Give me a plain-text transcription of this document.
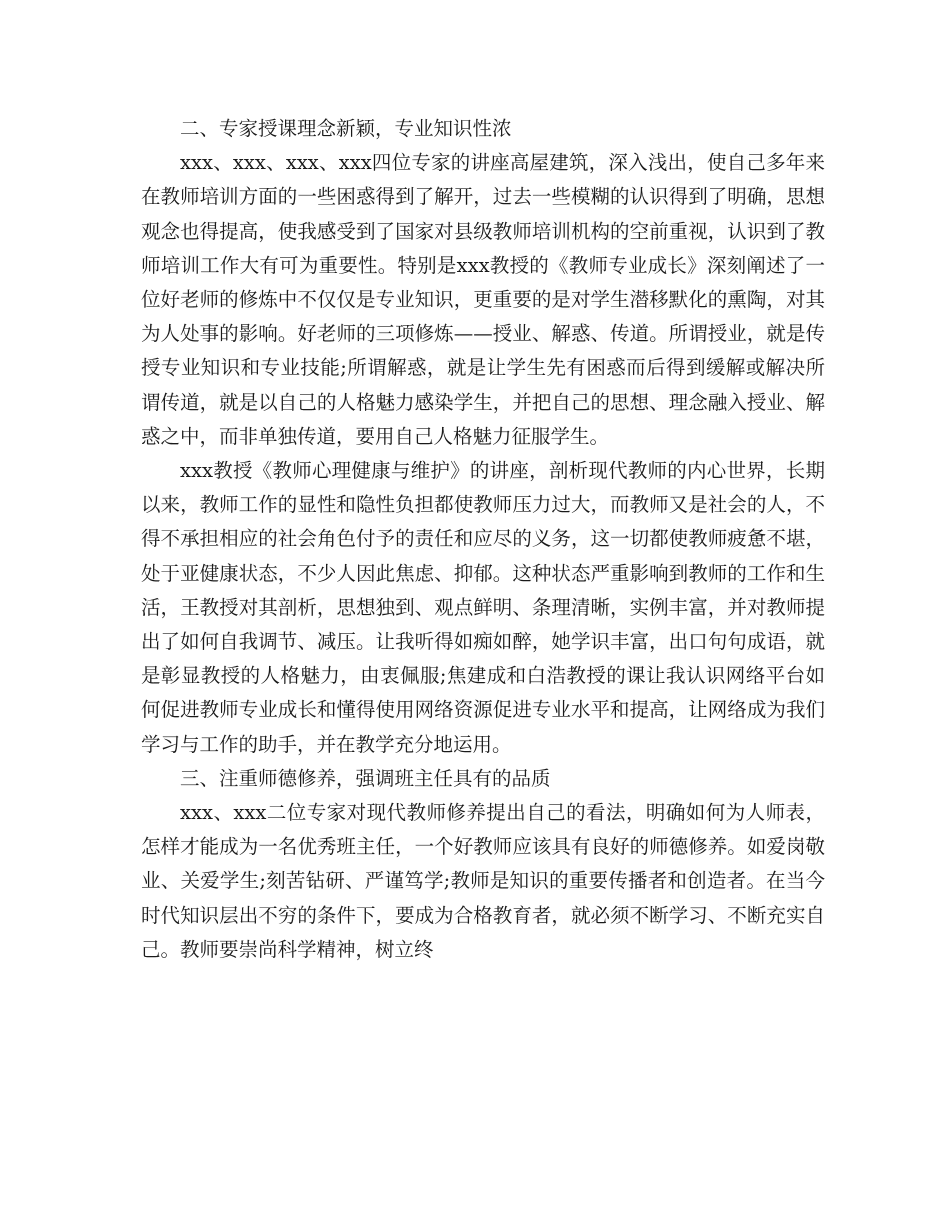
二、专家授课理念新颖，专业知识性浓

xxx、xxx、xxx、xxx四位专家的讲座高屋建筑，深入浅出，使自己多年来在教师培训方面的一些困惑得到了解开，过去一些模糊的认识得到了明确，思想观念也得提高，使我感受到了国家对县级教师培训机构的空前重视，认识到了教师培训工作大有可为重要性。特别是xxx教授的《教师专业成长》深刻阐述了一位好老师的修炼中不仅仅是专业知识，更重要的是对学生潜移默化的熏陶，对其为人处事的影响。好老师的三项修炼——授业、解惑、传道。所谓授业，就是传授专业知识和专业技能;所谓解惑，就是让学生先有困惑而后得到缓解或解决所谓传道，就是以自己的人格魅力感染学生，并把自己的思想、理念融入授业、解惑之中，而非单独传道，要用自己人格魅力征服学生。

xxx教授《教师心理健康与维护》的讲座，剖析现代教师的内心世界，长期以来，教师工作的显性和隐性负担都使教师压力过大，而教师又是社会的人，不得不承担相应的社会角色付予的责任和应尽的义务，这一切都使教师疲惫不堪，处于亚健康状态，不少人因此焦虑、抑郁。这种状态严重影响到教师的工作和生活，王教授对其剖析，思想独到、观点鲜明、条理清晰，实例丰富，并对教师提出了如何自我调节、减压。让我听得如痴如醉，她学识丰富，出口句句成语，就是彰显教授的人格魅力，由衷佩服;焦建成和白浩教授的课让我认识网络平台如何促进教师专业成长和懂得使用网络资源促进专业水平和提高，让网络成为我们学习与工作的助手，并在教学充分地运用。

三、注重师德修养，强调班主任具有的品质

xxx、xxx二位专家对现代教师修养提出自己的看法，明确如何为人师表，怎样才能成为一名优秀班主任，一个好教师应该具有良好的师德修养。如爱岗敬业、关爱学生;刻苦钻研、严谨笃学;教师是知识的重要传播者和创造者。在当今时代知识层出不穷的条件下，要成为合格教育者，就必须不断学习、不断充实自己。教师要崇尚科学精神，树立终
